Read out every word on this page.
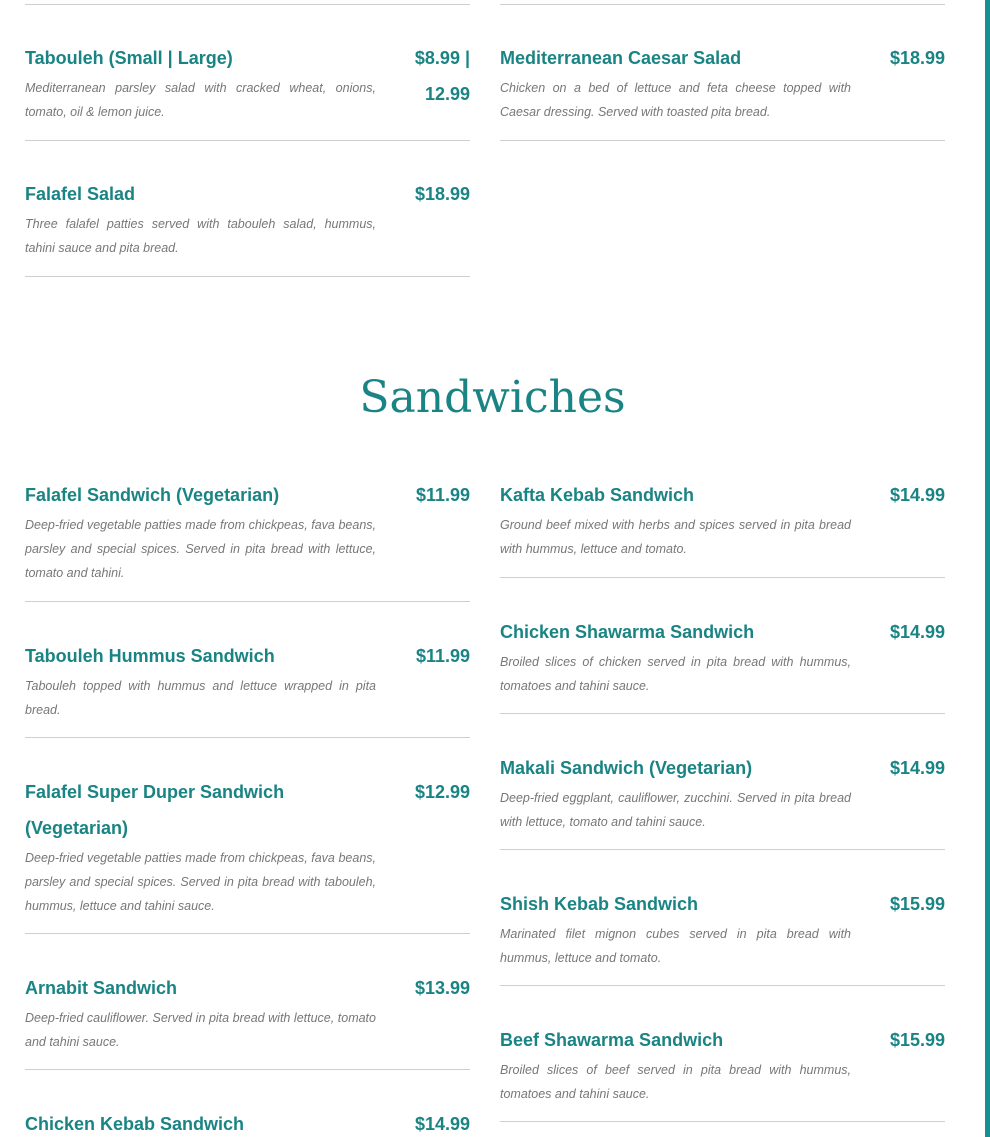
Tabouleh (Small | Large)	$8.99 | 12.99
Mediterranean parsley salad with cracked wheat, onions, tomato, oil & lemon juice.
Falafel Salad	$18.99
Three falafel patties served with tabouleh salad, hummus, tahini sauce and pita bread.
Mediterranean Caesar Salad	$18.99
Chicken on a bed of lettuce and feta cheese topped with Caesar dressing. Served with toasted pita bread.
Sandwiches
Falafel Sandwich (Vegetarian)	$11.99
Deep-fried vegetable patties made from chickpeas, fava beans, parsley and special spices. Served in pita bread with lettuce, tomato and tahini.
Tabouleh Hummus Sandwich	$11.99
Tabouleh topped with hummus and lettuce wrapped in pita bread.
Falafel Super Duper Sandwich (Vegetarian)
$12.99
Deep-fried vegetable patties made from chickpeas, fava beans, parsley and special spices. Served in pita bread with tabouleh, hummus, lettuce and tahini sauce.
Arnabit Sandwich	$13.99
Deep-fried cauliflower. Served in pita bread with lettuce, tomato and tahini sauce.
Chicken Kebab Sandwich	$14.99
Kafta Kebab Sandwich	$14.99
Ground beef mixed with herbs and spices served in pita bread with hummus, lettuce and tomato.
Chicken Shawarma Sandwich	$14.99
Broiled slices of chicken served in pita bread with hummus, tomatoes and tahini sauce.
Makali Sandwich (Vegetarian)	$14.99
Deep-fried eggplant, cauliflower, zucchini. Served in pita bread with lettuce, tomato and tahini sauce.
Shish Kebab Sandwich	$15.99
Marinated filet mignon cubes served in pita bread with hummus, lettuce and tomato.
Beef Shawarma Sandwich	$15.99
Broiled slices of beef served in pita bread with hummus, tomatoes and tahini sauce.
